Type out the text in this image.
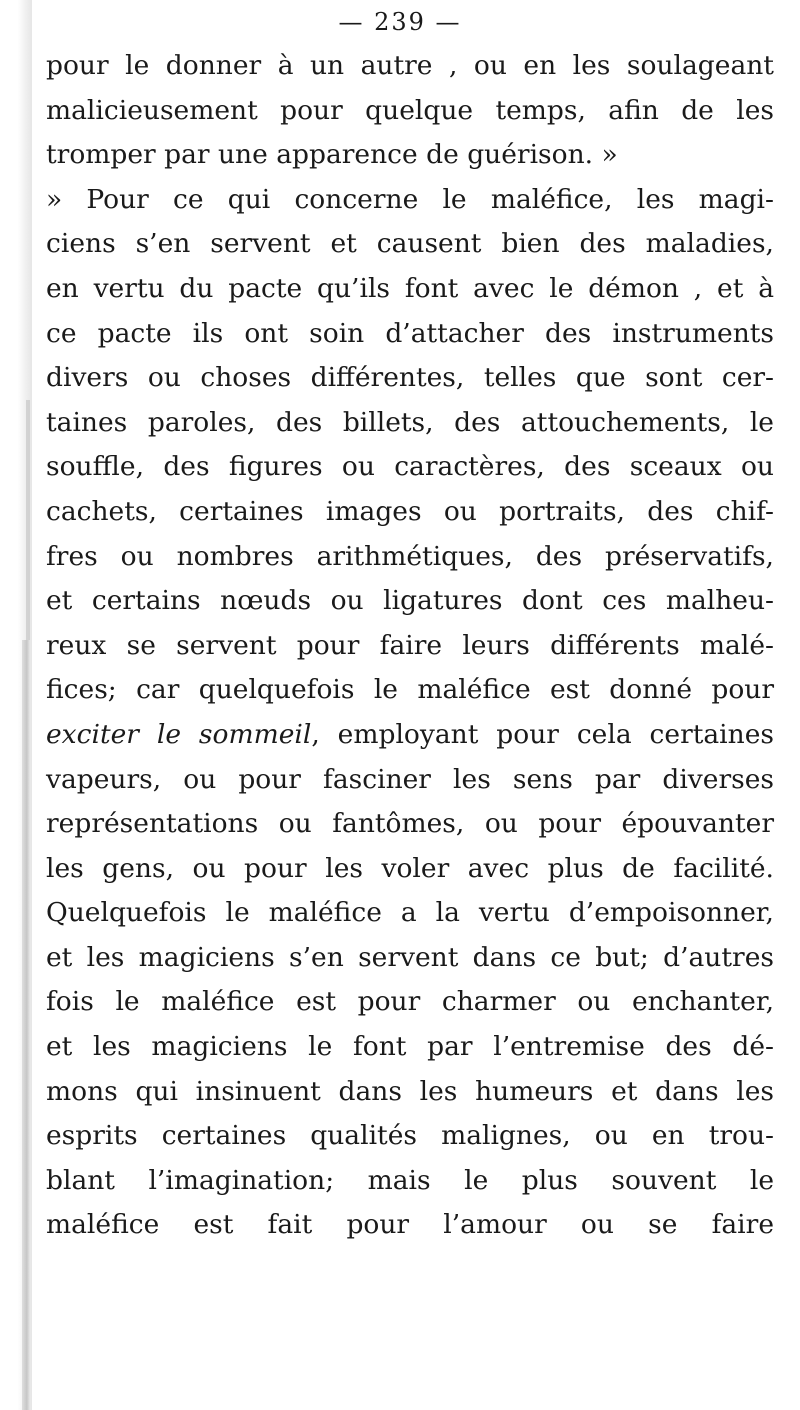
— 239 —
pour le donner à un autre , ou en les soulageant
malicieusement pour quelque temps, afin de les
tromper par une apparence de guérison. »
» Pour ce qui concerne le maléfice, les magi-
ciens s’en servent et causent bien des maladies,
en vertu du pacte qu’ils font avec le démon , et à
ce pacte ils ont soin d’attacher des instruments
divers ou choses différentes, telles que sont cer-
taines paroles, des billets, des attouchements, le
souffle, des figures ou caractères, des sceaux ou
cachets, certaines images ou portraits, des chif-
fres ou nombres arithmétiques, des préservatifs,
et certains nœuds ou ligatures dont ces malheu-
reux se servent pour faire leurs différents malé-
fices; car quelquefois le maléfice est donné pour
exciter le sommeil, employant pour cela certaines
vapeurs, ou pour fasciner les sens par diverses
représentations ou fantômes, ou pour épouvanter
les gens, ou pour les voler avec plus de facilité.
Quelquefois le maléfice a la vertu d’empoisonner,
et les magiciens s’en servent dans ce but; d’autres
fois le maléfice est pour charmer ou enchanter,
et les magiciens le font par l’entremise des dé-
mons qui insinuent dans les humeurs et dans les
esprits certaines qualités malignes, ou en trou-
blant l’imagination; mais le plus souvent le
maléfice est fait pour l’amour ou se faire
